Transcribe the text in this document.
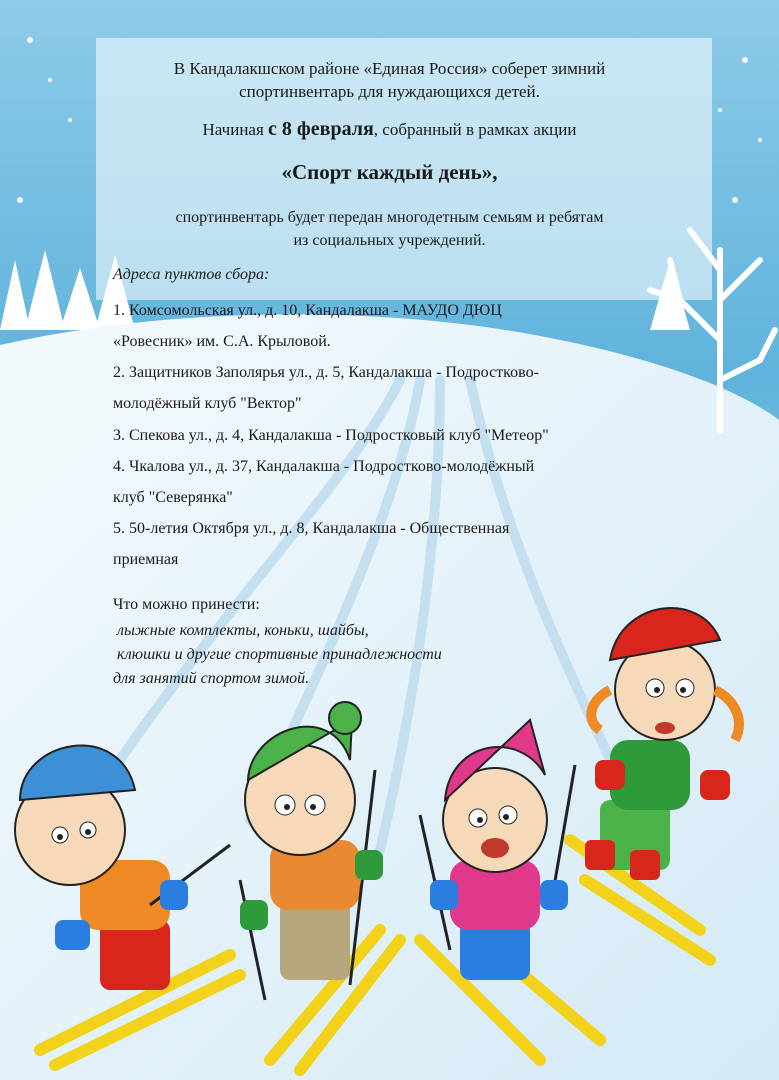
В Кандалакшском районе «Единая Россия» соберет зимний
спортинвентарь для нуждающихся детей.
Начиная с 8 февраля, собранный в рамках акции
«Спорт каждый день»,
спортинвентарь будет передан многодетным семьям и ребятам
из социальных учреждений.
Адреса пунктов сбора:
1. Комсомольская ул., д. 10, Кандалакша - МАУДО ДЮЦ
«Ровесник» им. С.А. Крыловой.
2. Защитников Заполярья ул., д. 5, Кандалакша - Подростково-
молодёжный клуб "Вектор"
3. Спекова ул., д. 4, Кандалакша - Подростковый клуб "Метеор"
4. Чкалова ул., д. 37, Кандалакша - Подростково-молодёжный
клуб "Северянка"
5. 50-летия Октября ул., д. 8, Кандалакша - Общественная
приемная
Что можно принести:
лыжные комплекты, коньки, шайбы,
клюшки и другие спортивные принадлежности
для занятий спортом зимой.
